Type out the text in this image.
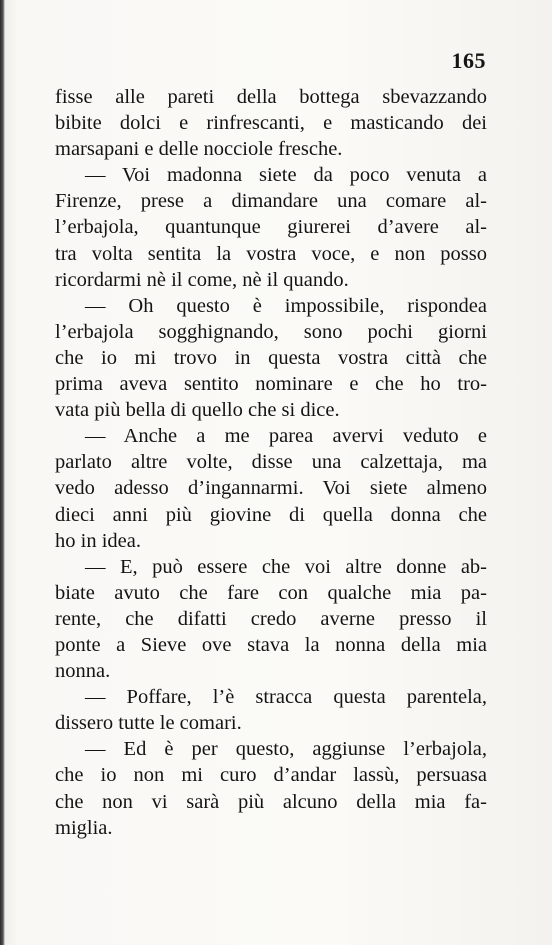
165
fisse alle pareti della bottega sbevazzando
bibite dolci e rinfrescanti, e masticando dei
marsapani e delle nocciole fresche.
— Voi madonna siete da poco venuta a
Firenze, prese a dimandare una comare al-
l’erbajola, quantunque giurerei d’avere al-
tra volta sentita la vostra voce, e non posso
ricordarmi nè il come, nè il quando.
— Oh questo è impossibile, rispondea
l’erbajola sogghignando, sono pochi giorni
che io mi trovo in questa vostra città che
prima aveva sentito nominare e che ho tro-
vata più bella di quello che si dice.
— Anche a me parea avervi veduto e
parlato altre volte, disse una calzettaja, ma
vedo adesso d’ingannarmi. Voi siete almeno
dieci anni più giovine di quella donna che
ho in idea.
— E, può essere che voi altre donne ab-
biate avuto che fare con qualche mia pa-
rente, che difatti credo averne presso il
ponte a Sieve ove stava la nonna della mia
nonna.
— Poffare, l’è stracca questa parentela,
dissero tutte le comari.
— Ed è per questo, aggiunse l’erbajola,
che io non mi curo d’andar lassù, persuasa
che non vi sarà più alcuno della mia fa-
miglia.
